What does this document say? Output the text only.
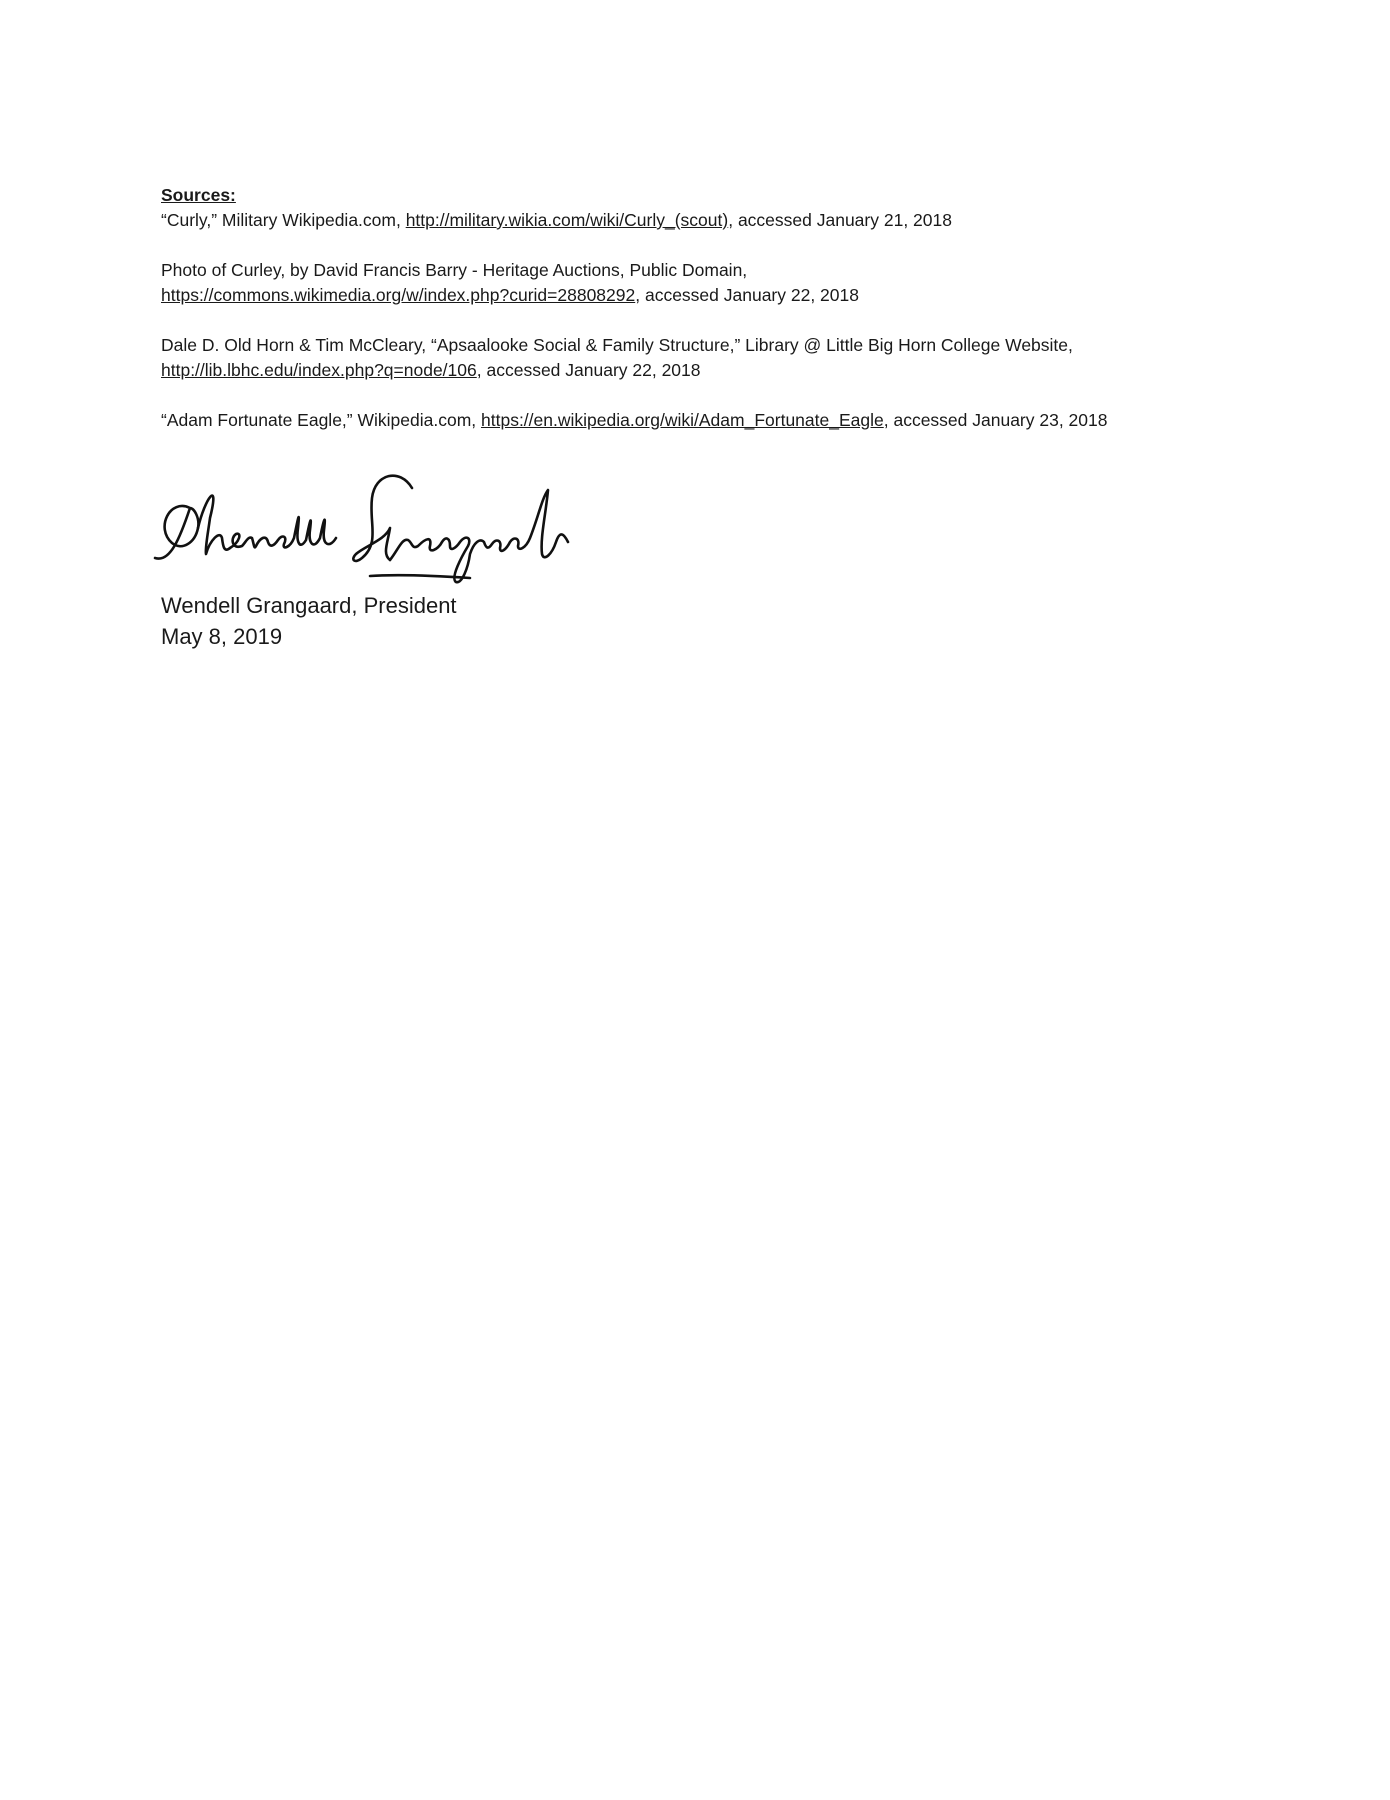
Sources:

“Curly,” Military Wikipedia.com, http://military.wikia.com/wiki/Curly_(scout), accessed January 21, 2018

Photo of Curley, by David Francis Barry - Heritage Auctions, Public Domain,
https://commons.wikimedia.org/w/index.php?curid=28808292, accessed January 22, 2018

Dale D. Old Horn & Tim McCleary, “Apsaalooke Social & Family Structure,” Library @ Little Big Horn College Website,
http://lib.lbhc.edu/index.php?q=node/106, accessed January 22, 2018

“Adam Fortunate Eagle,” Wikipedia.com, https://en.wikipedia.org/wiki/Adam_Fortunate_Eagle, accessed January 23, 2018

Wendell Grangaard, President
May 8, 2019
